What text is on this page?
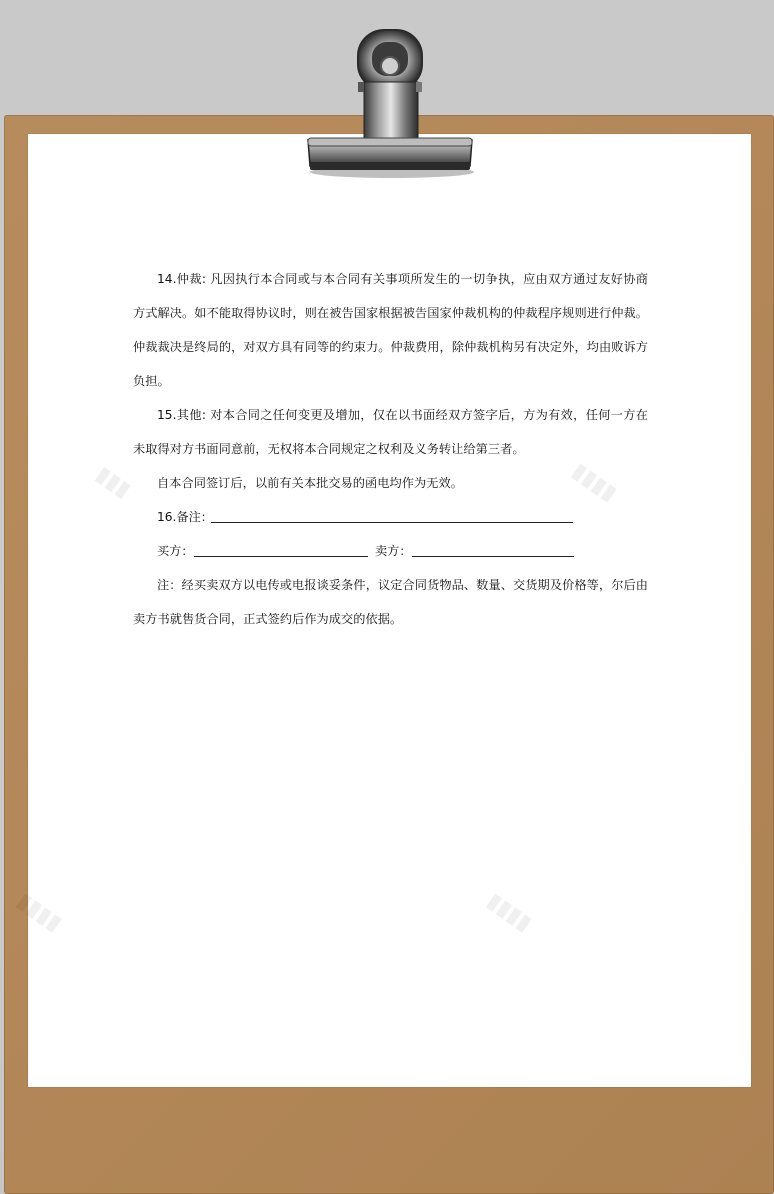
▮▮▮	▮▮▮▮
▮▮▮▮	▮▮▮▮

14.仲裁: 凡因执行本合同或与本合同有关事项所发生的一切争执，应由双方通过友好协商方式解决。如不能取得协议时，则在被告国家根据被告国家仲裁机构的仲裁程序规则进行仲裁。仲裁裁决是终局的，对双方具有同等的约束力。仲裁费用，除仲裁机构另有决定外，均由败诉方负担。

15.其他: 对本合同之任何变更及增加，仅在以书面经双方签字后，方为有效，任何一方在未取得对方书面同意前，无权将本合同规定之权利及义务转让给第三者。

自本合同签订后，以前有关本批交易的函电均作为无效。

16.备注：
买方：	卖方：

注：经买卖双方以电传或电报谈妥条件，议定合同货物品、数量、交货期及价格等，尔后由卖方书就售货合同，正式签约后作为成交的依据。
